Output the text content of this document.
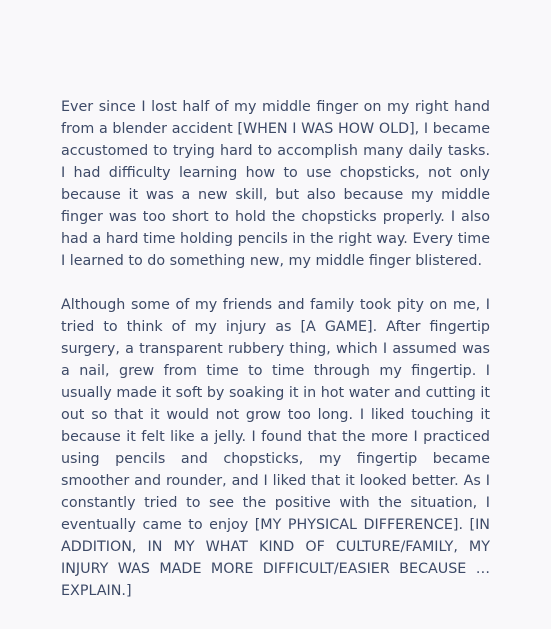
Ever since I lost half of my middle finger on my right hand from a blender accident [WHEN I WAS HOW OLD], I became accustomed to trying hard to accomplish many daily tasks. I had difficulty learning how to use chopsticks, not only because it was a new skill, but also because my middle finger was too short to hold the chopsticks properly. I also had a hard time holding pencils in the right way. Every time I learned to do something new, my middle finger blistered.

Although some of my friends and family took pity on me, I tried to think of my injury as [A GAME]. After fingertip surgery, a transparent rubbery thing, which I assumed was a nail, grew from time to time through my fingertip. I usually made it soft by soaking it in hot water and cutting it out so that it would not grow too long. I liked touching it because it felt like a jelly. I found that the more I practiced using pencils and chopsticks, my fingertip became smoother and rounder, and I liked that it looked better. As I constantly tried to see the positive with the situation, I eventually came to enjoy [MY PHYSICAL DIFFERENCE]. [IN ADDITION, IN MY WHAT KIND OF CULTURE/FAMILY, MY INJURY WAS MADE MORE DIFFICULT/EASIER BECAUSE … EXPLAIN.]
